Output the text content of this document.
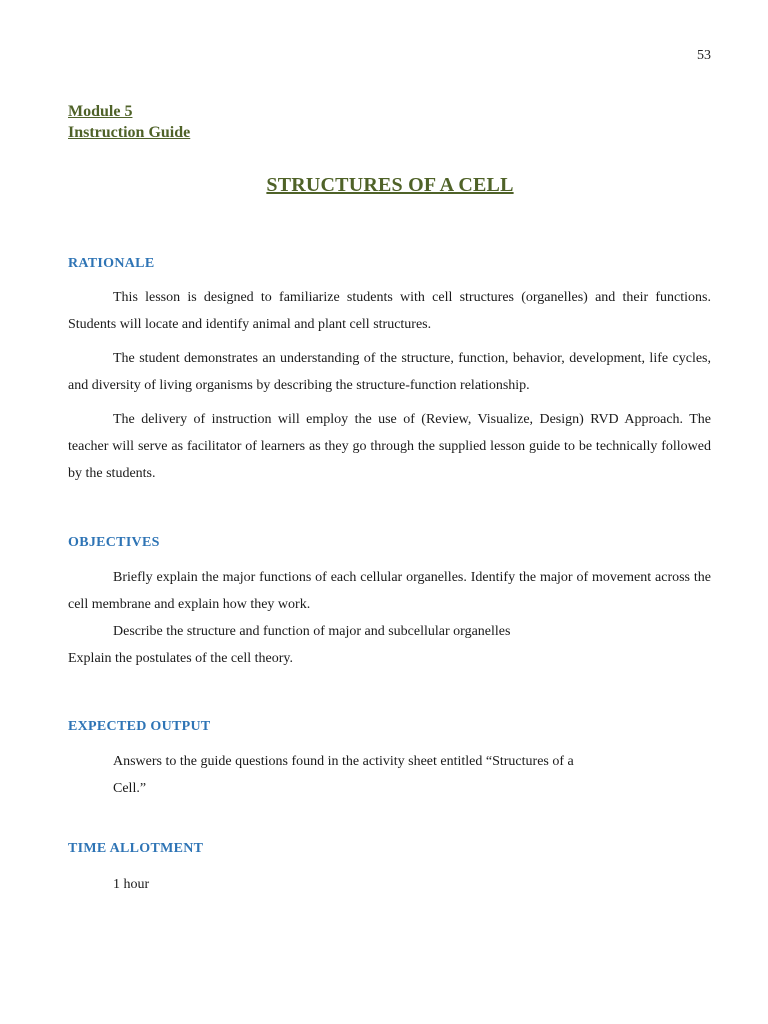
53
Module 5
Instruction Guide
STRUCTURES OF A CELL
RATIONALE
This lesson is designed to familiarize students with cell structures (organelles) and their functions. Students will locate and identify animal and plant cell structures.
The student demonstrates an understanding of the structure, function, behavior, development, life cycles, and diversity of living organisms by describing the structure-function relationship.
The delivery of instruction will employ the use of (Review, Visualize, Design) RVD Approach. The teacher will serve as facilitator of learners as they go through the supplied lesson guide to be technically followed by the students.
OBJECTIVES
Briefly explain the major functions of each cellular organelles. Identify the major of movement across the cell membrane and explain how they work.
Describe the structure and function of major and subcellular organelles
Explain the postulates of the cell theory.
EXPECTED OUTPUT
Answers to the guide questions found in the activity sheet entitled “Structures of a
Cell.”
TIME ALLOTMENT
1 hour
